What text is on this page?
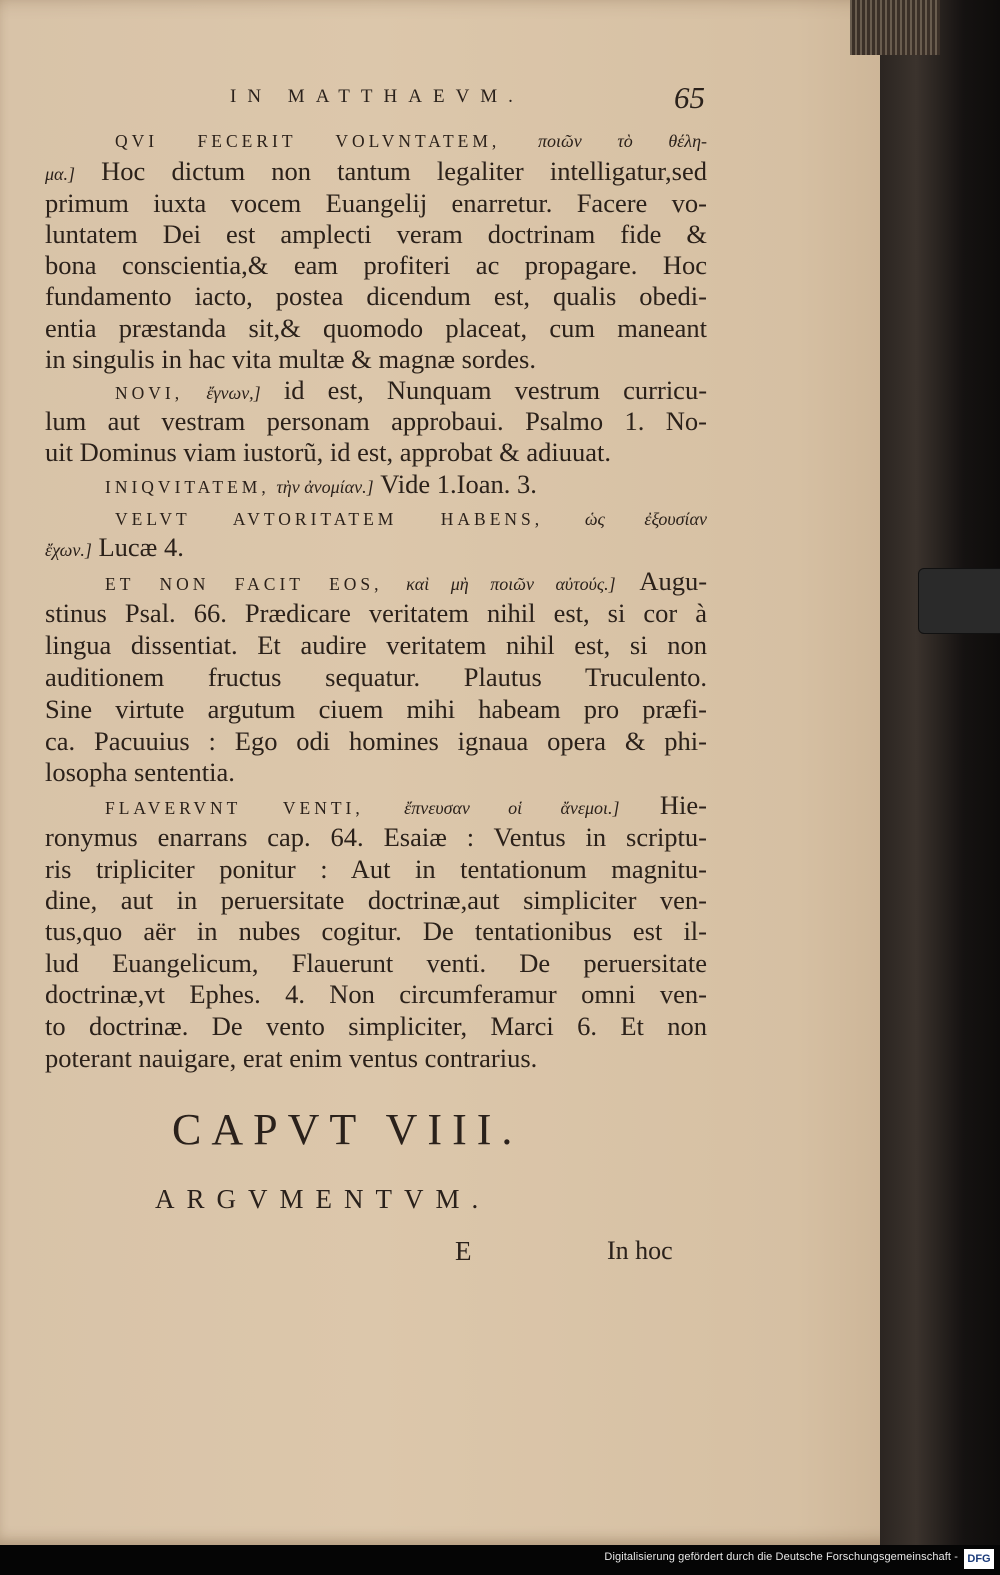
IN MATTHAEVM.	65
QVI FECERIT VOLVNTATEM, ποιῶν τὸ θέλη-
μα.] Hoc dictum non tantum legaliter intelligatur,sed
primum iuxta vocem Euangelij enarretur. Facere vo-
luntatem Dei est amplecti veram doctrinam fide &
bona conscientia,& eam profiteri ac propagare. Hoc
fundamento iacto, postea dicendum est, qualis obedi-
entia præstanda sit,& quomodo placeat, cum maneant
in singulis in hac vita multæ & magnæ sordes.
NOVI, ἔγνων,] id est, Nunquam vestrum curricu-
lum aut vestram personam approbaui. Psalmo 1. No-
uit Dominus viam iustorũ, id est, approbat & adiuuat.
INIQVITATEM, τὴν ἀνομίαν.] Vide 1.Ioan. 3.
VELVT AVTORITATEM HABENS, ὡς ἐξουσίαν
ἔχων.] Lucæ 4.
ET NON FACIT EOS, καὶ μὴ ποιῶν αὐτούς.] Augu-
stinus Psal. 66. Prædicare veritatem nihil est, si cor à
lingua dissentiat. Et audire veritatem nihil est, si non
auditionem fructus sequatur. Plautus Truculento.
Sine virtute argutum ciuem mihi habeam pro præfi-
ca. Pacuuius : Ego odi homines ignaua opera & phi-
losopha sententia.
FLAVERVNT VENTI, ἔπνευσαν οἱ ἄνεμοι.] Hie-
ronymus enarrans cap. 64. Esaiæ : Ventus in scriptu-
ris tripliciter ponitur : Aut in tentationum magnitu-
dine, aut in peruersitate doctrinæ,aut simpliciter ven-
tus,quo aër in nubes cogitur. De tentationibus est il-
lud Euangelicum, Flauerunt venti. De peruersitate
doctrinæ,vt Ephes. 4. Non circumferamur omni ven-
to doctrinæ. De vento simpliciter, Marci 6. Et non
poterant nauigare, erat enim ventus contrarius.
CAPVT VIII.
ARGVMENTVM.
E	In hoc
Digitalisierung gefördert durch die Deutsche Forschungsgemeinschaft - DFG
